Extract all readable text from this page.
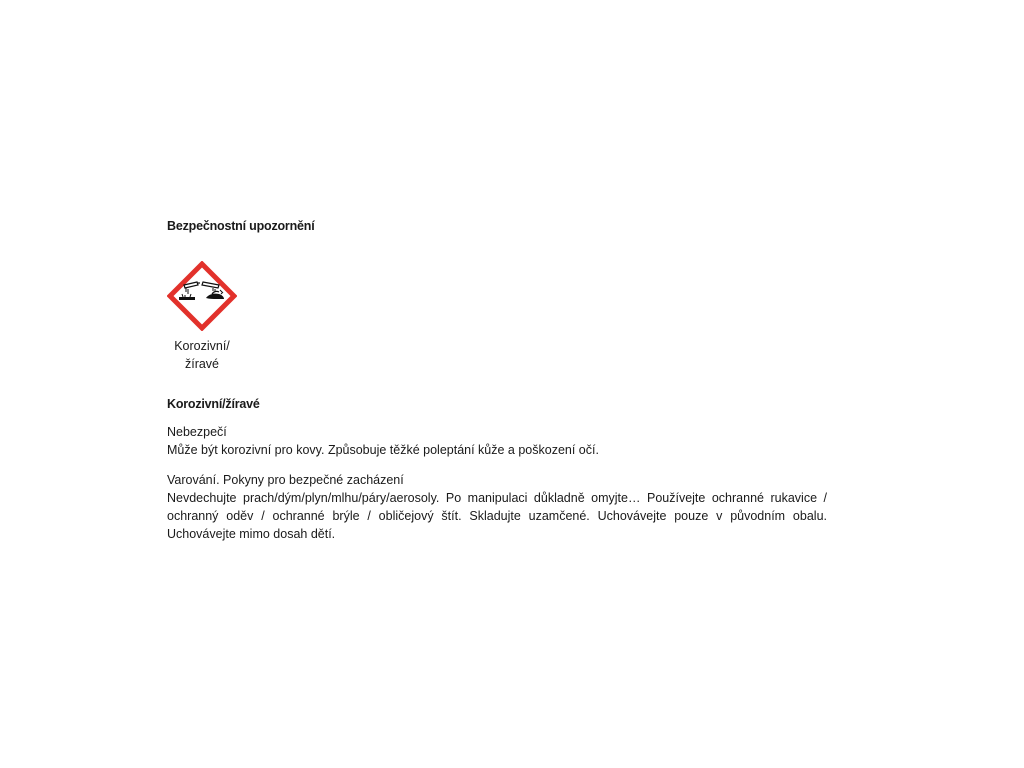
Bezpečnostní upozornění
Korozivní/
žíravé
Korozivní/žíravé

Nebezpečí

Může být korozivní pro kovy. Způsobuje těžké poleptání kůže a poškození očí.

Varování. Pokyny pro bezpečné zacházení

Nevdechujte prach/dým/plyn/mlhu/páry/aerosoly. Po manipulaci důkladně omyjte… Používejte ochranné rukavice / ochranný oděv / ochranné brýle / obličejový štít. Skladujte uzamčené. Uchovávejte pouze v původním obalu. Uchovávejte mimo dosah dětí.
